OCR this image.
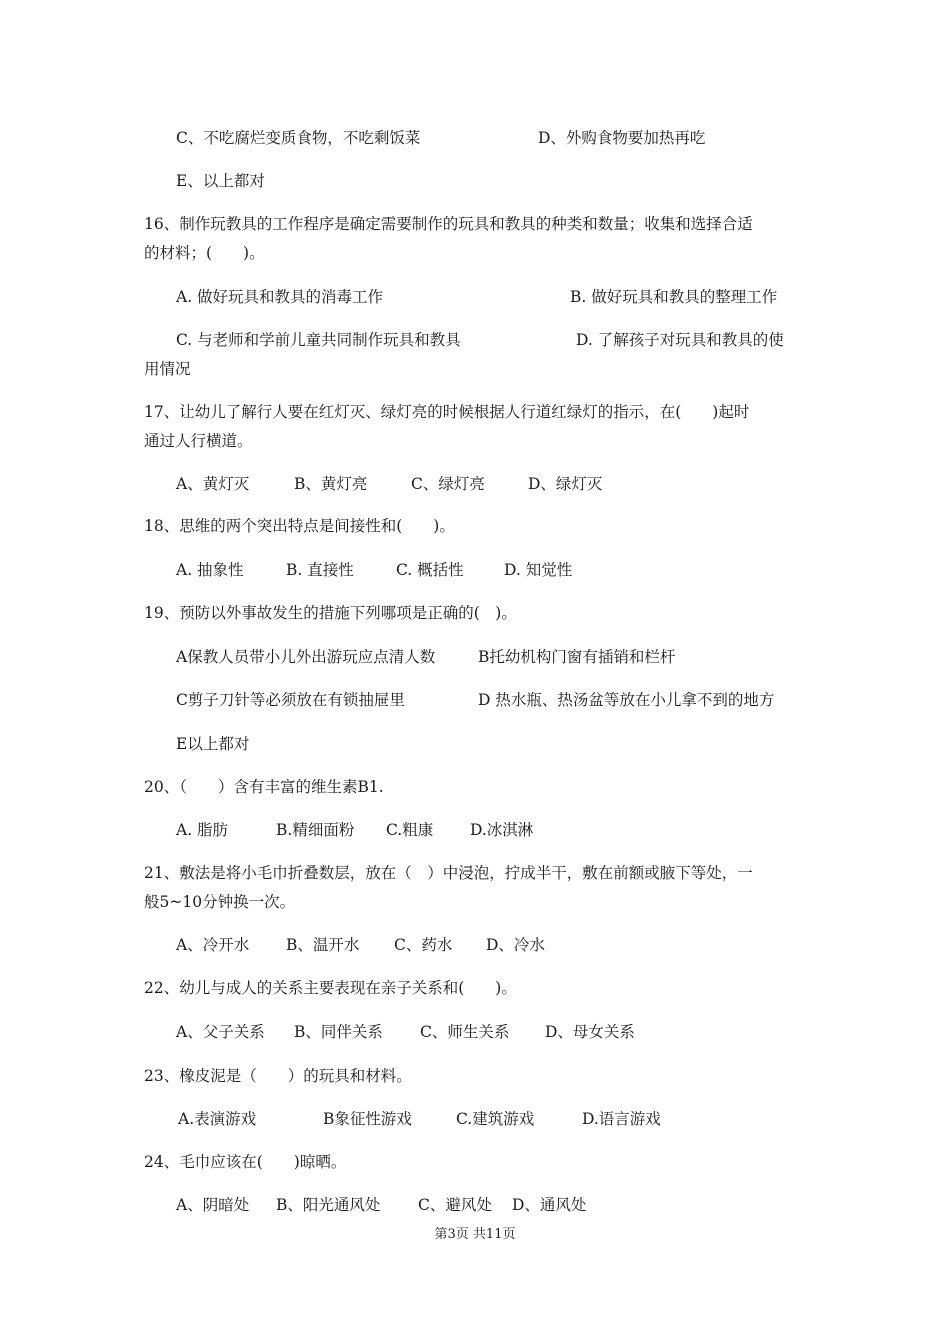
C、不吃腐烂变质食物，不吃剩饭菜	D、外购食物要加热再吃
E、以上都对
16、制作玩教具的工作程序是确定需要制作的玩具和教具的种类和数量；收集和选择合适
的材料；(　　)。
A. 做好玩具和教具的消毒工作	B. 做好玩具和教具的整理工作
C. 与老师和学前儿童共同制作玩具和教具	D. 了解孩子对玩具和教具的使
用情况
17、让幼儿了解行人要在红灯灭、绿灯亮的时候根据人行道红绿灯的指示，在(　　)起时
通过人行横道。
A、黄灯灭	B、黄灯亮	C、绿灯亮	D、绿灯灭
18、思维的两个突出特点是间接性和(　　)。
A. 抽象性	B. 直接性	C. 概括性	D. 知觉性
19、预防以外事故发生的措施下列哪项是正确的(　)。
A保教人员带小儿外出游玩应点清人数	B托幼机构门窗有插销和栏杆
C剪子刀针等必须放在有锁抽屉里	D 热水瓶、热汤盆等放在小儿拿不到的地方
E以上都对
20、（　　）含有丰富的维生素B1.
A. 脂肪	B.精细面粉 C.粗康 D.冰淇淋
21、敷法是将小毛巾折叠数层，放在（　）中浸泡，拧成半干，敷在前额或腋下等处，一
般5~10分钟换一次。
A、冷开水 B、温开水 C、药水 D、冷水
22、幼儿与成人的关系主要表现在亲子关系和(　　)。
A、父子关系 B、同伴关系 C、师生关系 D、母女关系
23、橡皮泥是（　　）的玩具和材料。
A.表演游戏	B象征性游戏	C.建筑游戏	D.语言游戏
24、毛巾应该在(　　)晾晒。
A、阴暗处 B、阳光通风处 C、避风处 D、通风处
第3页 共11页
